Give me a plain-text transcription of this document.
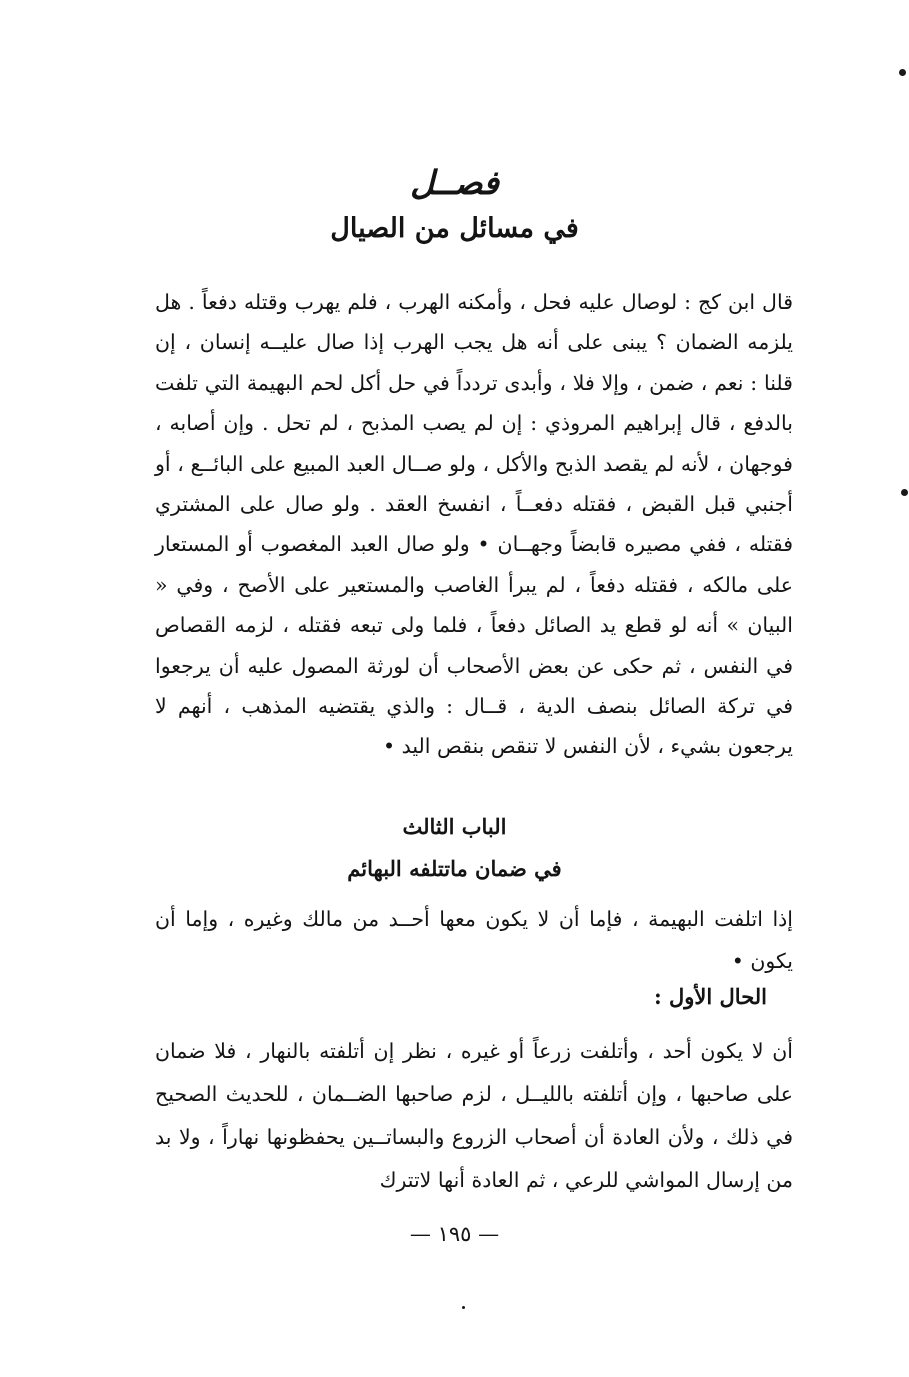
فصــل
في مسائل من الصيال

قال ابن كج : لوصال عليه فحل ، وأمكنه الهرب ، فلم يهرب وقتله دفعاً . هل يلزمه الضمان ؟ يبنى على أنه هل يجب الهرب إذا صال عليــه إنسان ، إن قلنا : نعم ، ضمن ، وإلا فلا ، وأبدى تردداً في حل أكل لحم البهيمة التي تلفت بالدفع ، قال إبراهيم المروذي : إن لم يصب المذبح ، لم تحل . وإن أصابه ، فوجهان ، لأنه لم يقصد الذبح والأكل ، ولو صــال العبد المبيع على البائــع ، أو أجنبي قبل القبض ، فقتله دفعــاً ، انفسخ العقد . ولو صال على المشتري فقتله ، ففي مصيره قابضاً وجهــان • ولو صال العبد المغصوب أو المستعار على مالكه ، فقتله دفعاً ، لم يبرأ الغاصب والمستعير على الأصح ، وفي « البيان » أنه لو قطع يد الصائل دفعاً ، فلما ولى تبعه فقتله ، لزمه القصاص في النفس ، ثم حكى عن بعض الأصحاب أن لورثة المصول عليه أن يرجعوا في تركة الصائل بنصف الدية ، قــال : والذي يقتضيه المذهب ، أنهم لا يرجعون بشيء ، لأن النفس لا تنقص بنقص اليد •

الباب الثالث
في ضمان ماتتلفه البهائم

إذا اتلفت البهيمة ، فإما أن لا يكون معها أحــد من مالك وغيره ، وإما أن يكون •

الحال الأول :

أن لا يكون أحد ، وأتلفت زرعاً أو غيره ، نظر إن أتلفته بالنهار ، فلا ضمان على صاحبها ، وإن أتلفته بالليــل ، لزم صاحبها الضــمان ، للحديث الصحيح في ذلك ، ولأن العادة أن أصحاب الزروع والبساتــين يحفظونها نهاراً ، ولا بد من إرسال المواشي للرعي ، ثم العادة أنها لاتترك

— ١٩٥ —
